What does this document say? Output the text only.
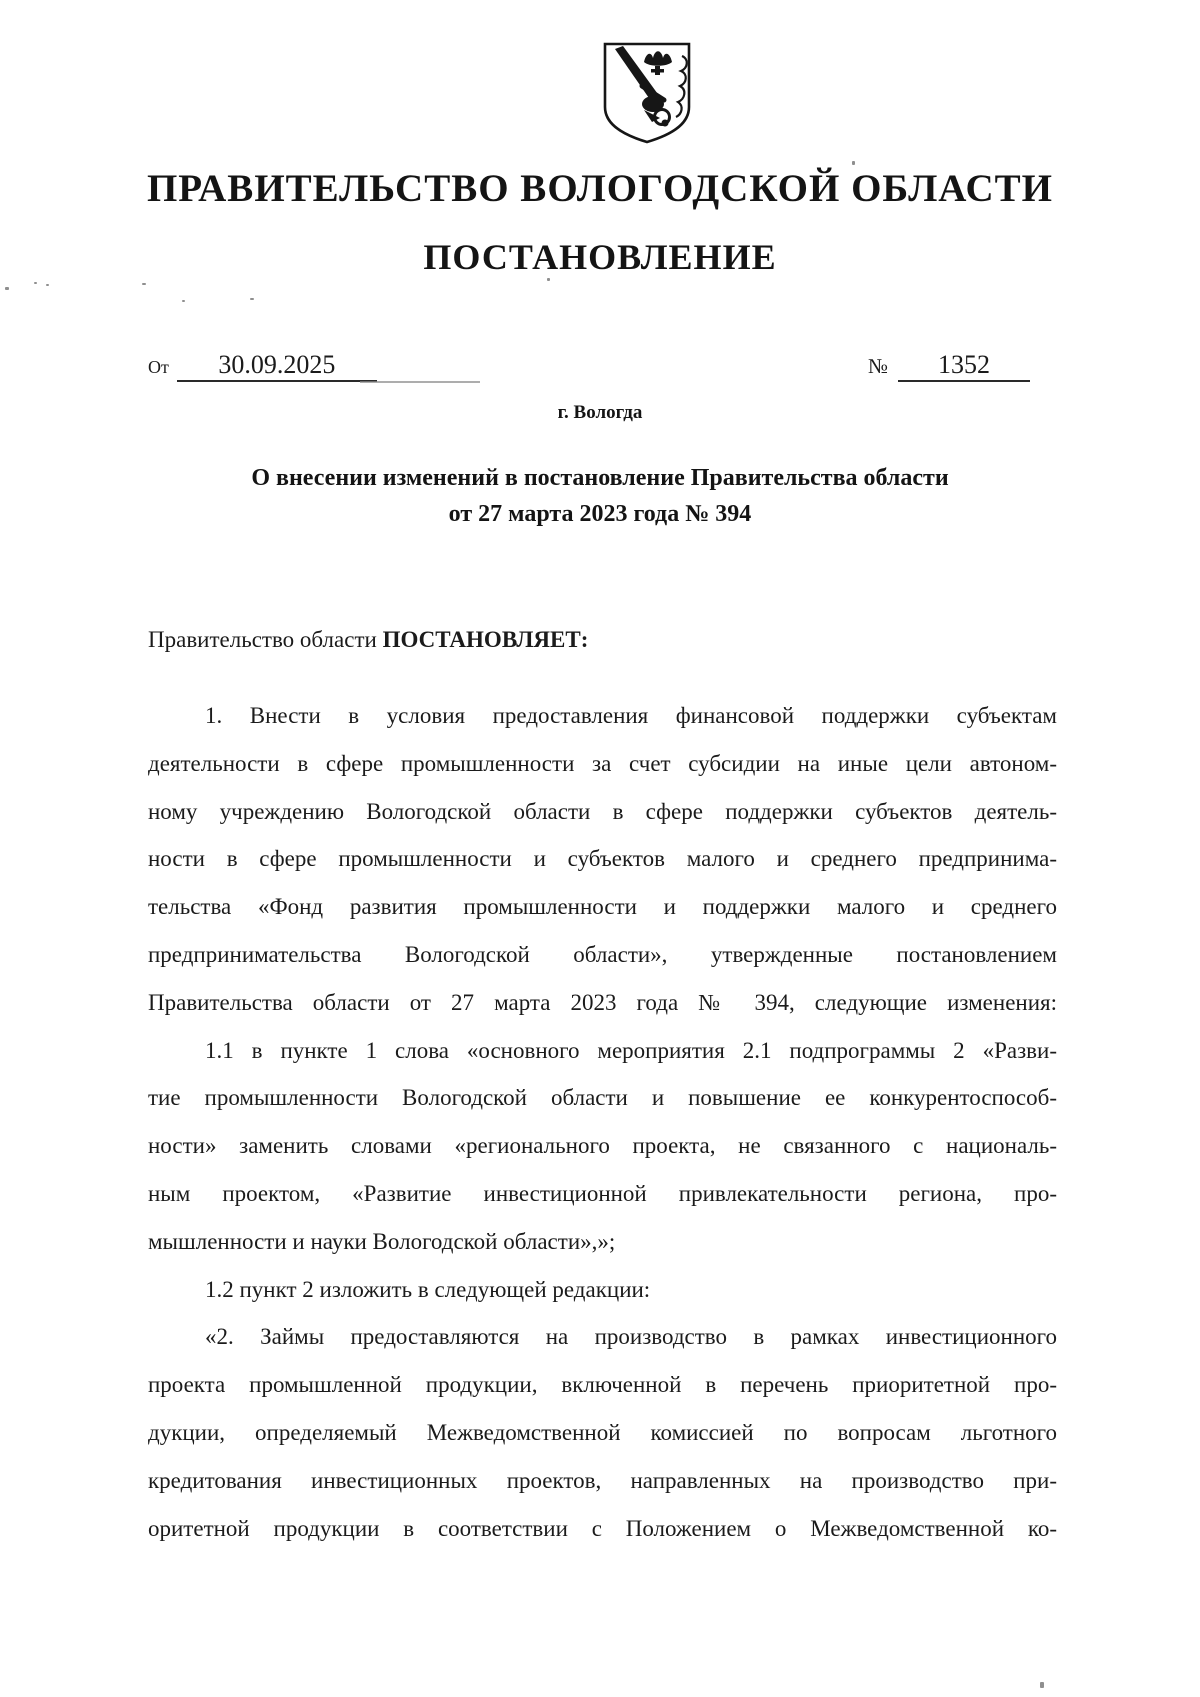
ПРАВИТЕЛЬСТВО ВОЛОГОДСКОЙ ОБЛАСТИ
ПОСТАНОВЛЕНИЕ
От 30.09.2025	№ 1352
г. Вологда
О внесении изменений в постановление Правительства области
от 27 марта 2023 года № 394
Правительство области ПОСТАНОВЛЯЕТ:
1. Внести в условия предоставления финансовой поддержки субъектам
деятельности в сфере промышленности за счет субсидии на иные цели автоном-
ному учреждению Вологодской области в сфере поддержки субъектов деятель-
ности в сфере промышленности и субъектов малого и среднего предпринима-
тельства «Фонд развития промышленности и поддержки малого и среднего
предпринимательства Вологодской области», утвержденные постановлением
Правительства области от 27 марта 2023 года № 394, следующие изменения:
1.1 в пункте 1 слова «основного мероприятия 2.1 подпрограммы 2 «Разви-
тие промышленности Вологодской области и повышение ее конкурентоспособ-
ности» заменить словами «регионального проекта, не связанного с националь-
ным проектом, «Развитие инвестиционной привлекательности региона, про-
мышленности и науки Вологодской области»,»;
1.2 пункт 2 изложить в следующей редакции:
«2. Займы предоставляются на производство в рамках инвестиционного
проекта промышленной продукции, включенной в перечень приоритетной про-
дукции, определяемый Межведомственной комиссией по вопросам льготного
кредитования инвестиционных проектов, направленных на производство при-
оритетной продукции в соответствии с Положением о Межведомственной ко-
